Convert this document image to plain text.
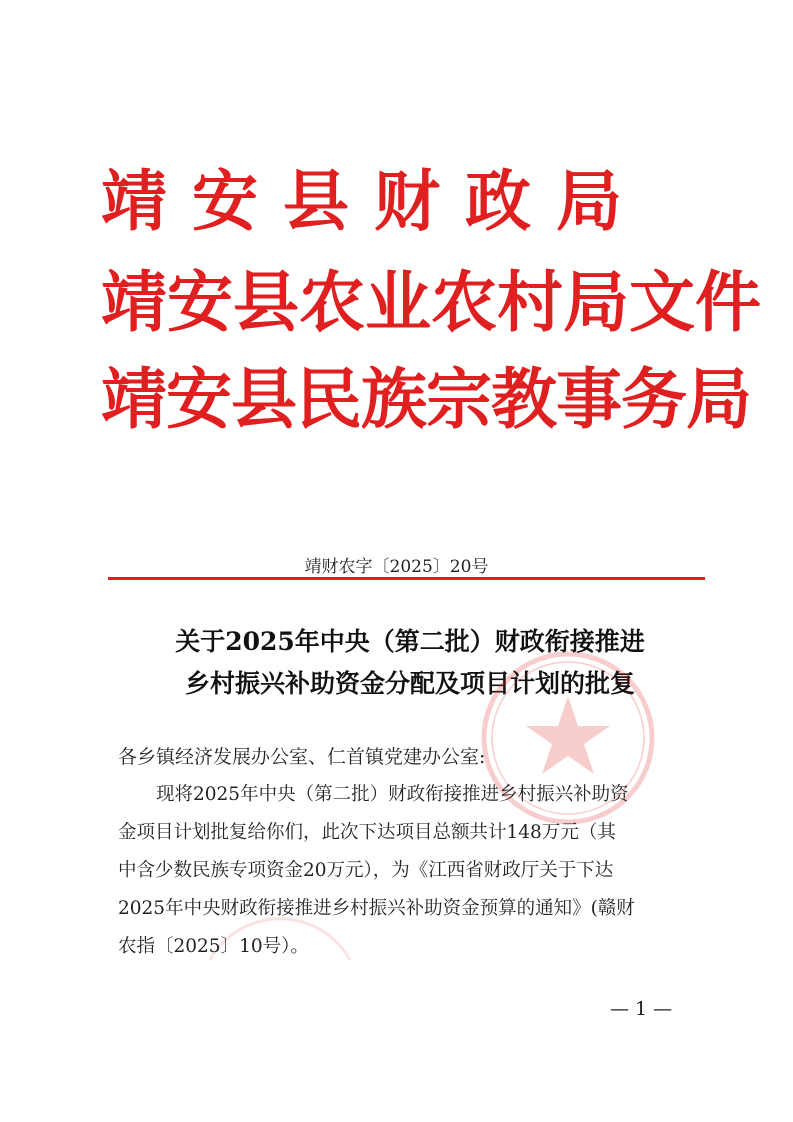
靖安县财政局
靖安县农业农村局文件
靖安县民族宗教事务局
靖财农字〔2025〕20号
关于2025年中央（第二批）财政衔接推进
乡村振兴补助资金分配及项目计划的批复
各乡镇经济发展办公室、仁首镇党建办公室:
现将2025年中央（第二批）财政衔接推进乡村振兴补助资
金项目计划批复给你们，此次下达项目总额共计148万元（其
中含少数民族专项资金20万元），为《江西省财政厅关于下达
2025年中央财政衔接推进乡村振兴补助资金预算的通知》(赣财
农指〔2025〕10号）。
— 1 —
